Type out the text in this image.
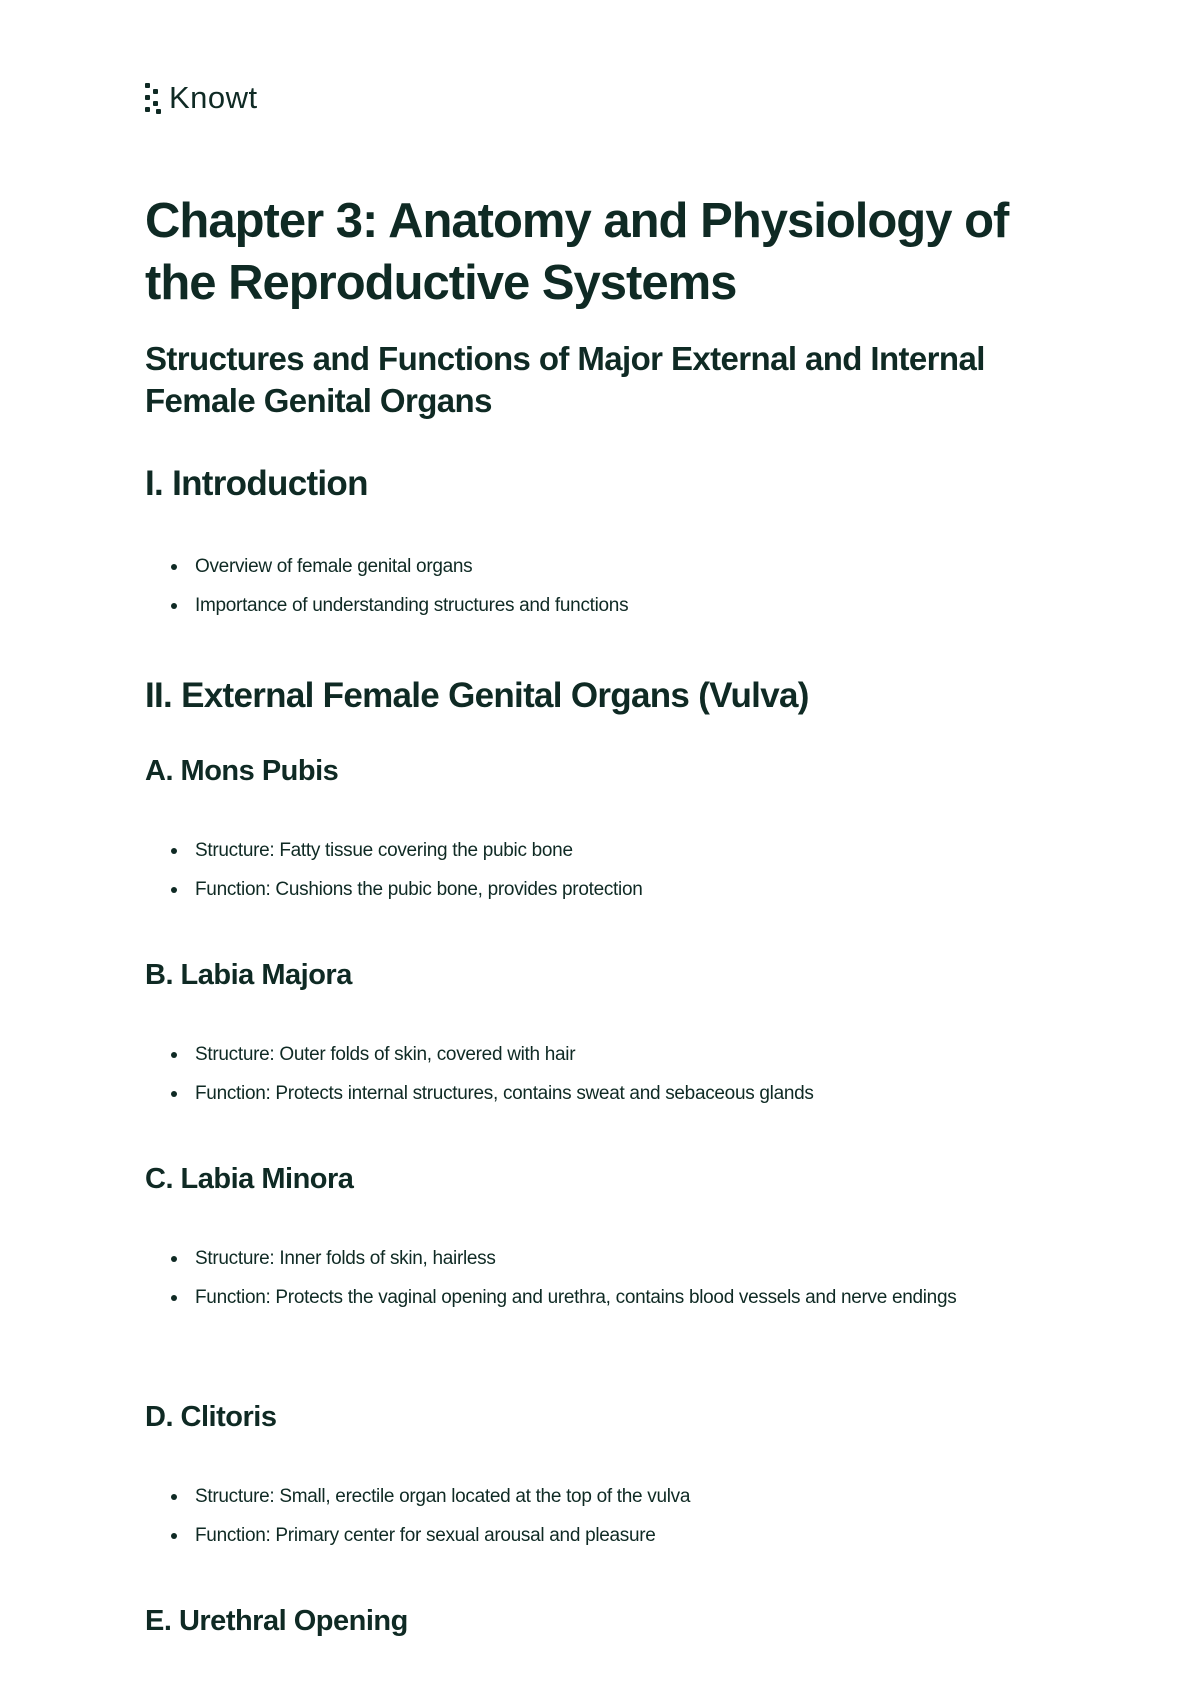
Knowt
Chapter 3: Anatomy and Physiology of the Reproductive Systems
Structures and Functions of Major External and Internal Female Genital Organs
I. Introduction
Overview of female genital organs
Importance of understanding structures and functions
II. External Female Genital Organs (Vulva)
A. Mons Pubis
Structure: Fatty tissue covering the pubic bone
Function: Cushions the pubic bone, provides protection
B. Labia Majora
Structure: Outer folds of skin, covered with hair
Function: Protects internal structures, contains sweat and sebaceous glands
C. Labia Minora
Structure: Inner folds of skin, hairless
Function: Protects the vaginal opening and urethra, contains blood vessels and nerve endings
D. Clitoris
Structure: Small, erectile organ located at the top of the vulva
Function: Primary center for sexual arousal and pleasure
E. Urethral Opening
